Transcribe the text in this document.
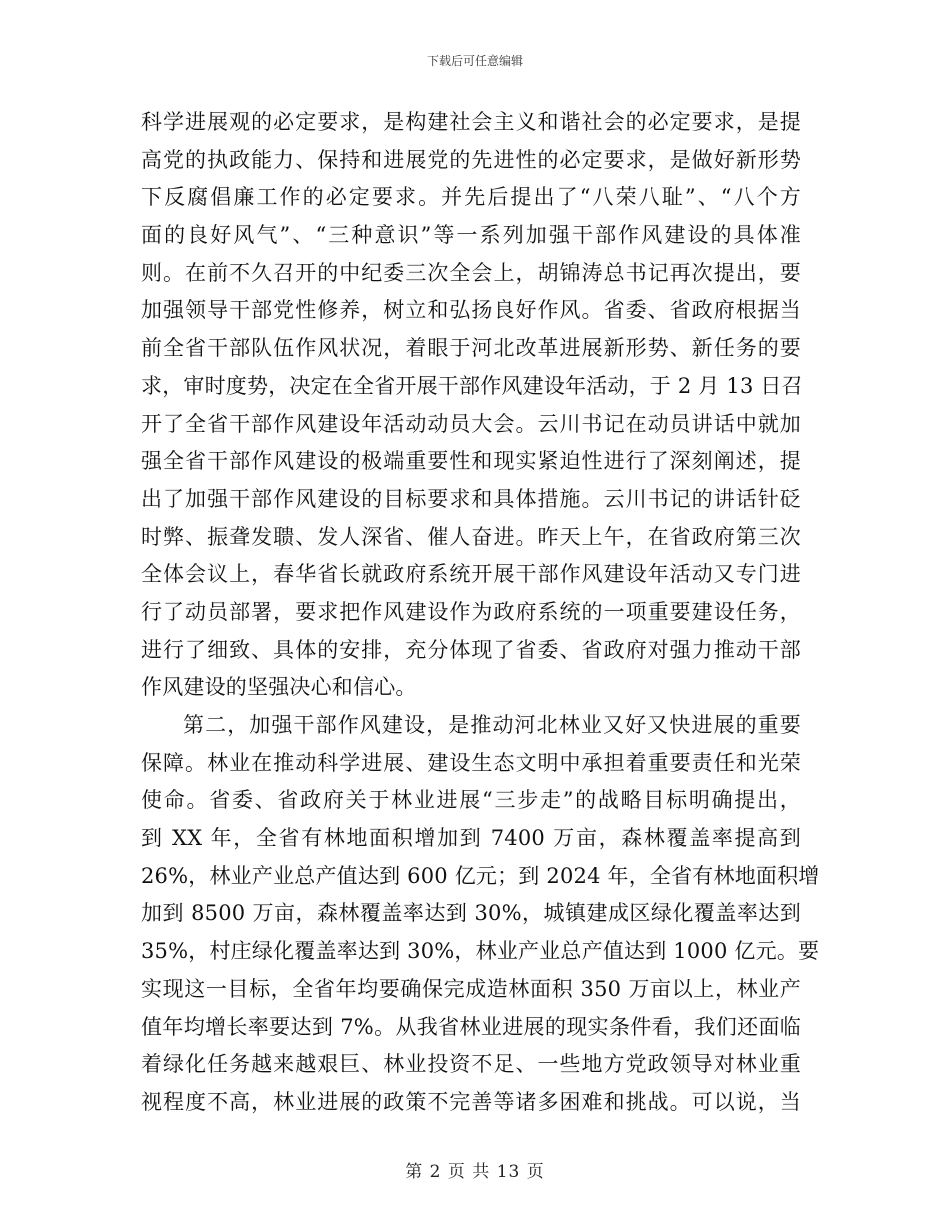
下载后可任意编辑
科学进展观的必定要求，是构建社会主义和谐社会的必定要求，是提
高党的执政能力、保持和进展党的先进性的必定要求，是做好新形势
下反腐倡廉工作的必定要求。并先后提出了“八荣八耻”、“八个方
面的良好风气”、“三种意识”等一系列加强干部作风建设的具体准
则。在前不久召开的中纪委三次全会上，胡锦涛总书记再次提出，要
加强领导干部党性修养，树立和弘扬良好作风。省委、省政府根据当
前全省干部队伍作风状况，着眼于河北改革进展新形势、新任务的要
求，审时度势，决定在全省开展干部作风建设年活动，于 2 月 13 日召
开了全省干部作风建设年活动动员大会。云川书记在动员讲话中就加
强全省干部作风建设的极端重要性和现实紧迫性进行了深刻阐述，提
出了加强干部作风建设的目标要求和具体措施。云川书记的讲话针砭
时弊、振聋发聩、发人深省、催人奋进。昨天上午，在省政府第三次
全体会议上，春华省长就政府系统开展干部作风建设年活动又专门进
行了动员部署，要求把作风建设作为政府系统的一项重要建设任务，
进行了细致、具体的安排，充分体现了省委、省政府对强力推动干部
作风建设的坚强决心和信心。
第二，加强干部作风建设，是推动河北林业又好又快进展的重要
保障。林业在推动科学进展、建设生态文明中承担着重要责任和光荣
使命。省委、省政府关于林业进展“三步走”的战略目标明确提出，
到 XX 年，全省有林地面积增加到 7400 万亩，森林覆盖率提高到
26%，林业产业总产值达到 600 亿元；到 2024 年，全省有林地面积增
加到 8500 万亩，森林覆盖率达到 30%，城镇建成区绿化覆盖率达到
35%，村庄绿化覆盖率达到 30%，林业产业总产值达到 1000 亿元。要
实现这一目标，全省年均要确保完成造林面积 350 万亩以上，林业产
值年均增长率要达到 7%。从我省林业进展的现实条件看，我们还面临
着绿化任务越来越艰巨、林业投资不足、一些地方党政领导对林业重
视程度不高，林业进展的政策不完善等诸多困难和挑战。可以说，当
第 2 页 共 13 页
